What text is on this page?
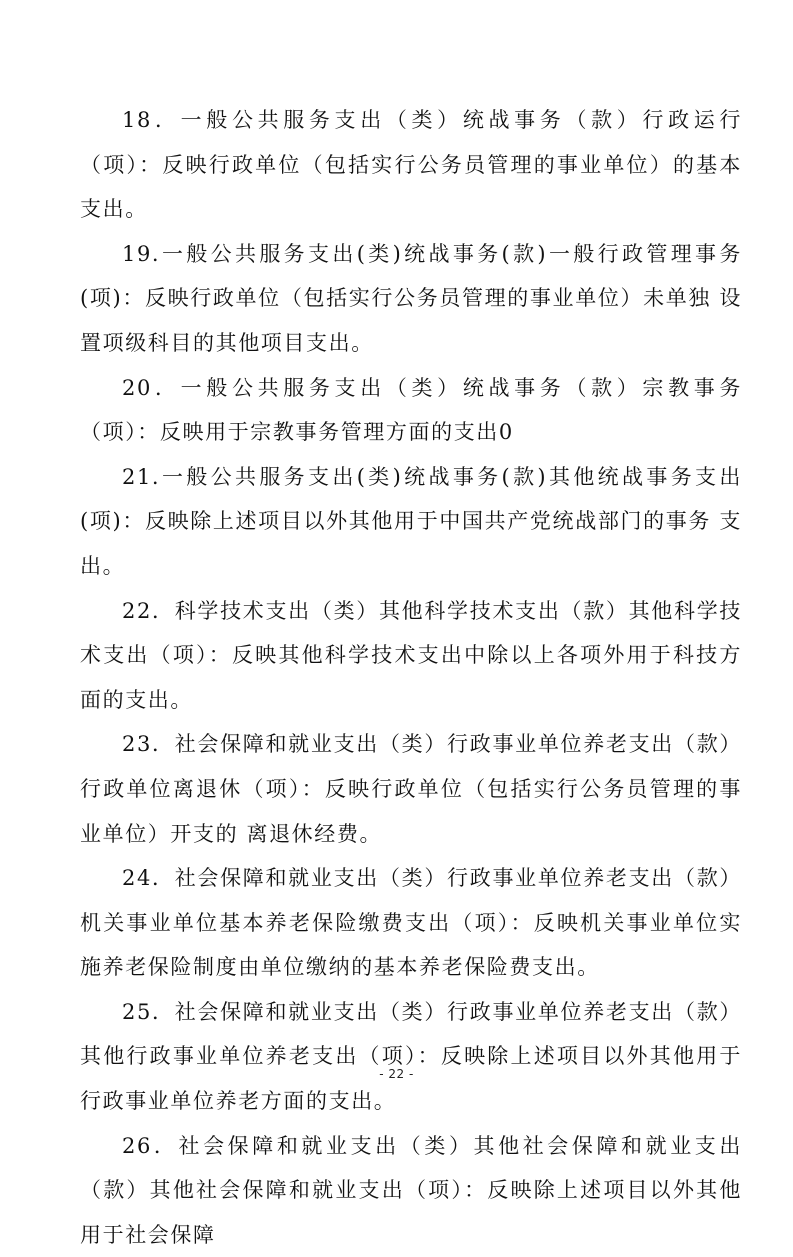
18．一般公共服务支出（类）统战事务（款）行政运行（项）：反映行政单位（包括实行公务员管理的事业单位）的基本 支出。

19.一般公共服务支出(类)统战事务(款)一般行政管理事务(项)：反映行政单位（包括实行公务员管理的事业单位）未单独 设置项级科目的其他项目支出。

20．一般公共服务支出（类）统战事务（款）宗教事务（项）：反映用于宗教事务管理方面的支出0

21.一般公共服务支出(类)统战事务(款)其他统战事务支出(项)：反映除上述项目以外其他用于中国共产党统战部门的事务 支出。

22．科学技术支出（类）其他科学技术支出（款）其他科学技术支出（项）：反映其他科学技术支出中除以上各项外用于科技方面的支出。

23．社会保障和就业支出（类）行政事业单位养老支出（款）行政单位离退休（项）：反映行政单位（包括实行公务员管理的事业单位）开支的 离退休经费。

24．社会保障和就业支出（类）行政事业单位养老支出（款）机关事业单位基本养老保险缴费支出（项）：反映机关事业单位实施养老保险制度由单位缴纳的基本养老保险费支出。

25．社会保障和就业支出（类）行政事业单位养老支出（款）其他行政事业单位养老支出（项）：反映除上述项目以外其他用于行政事业单位养老方面的支出。

26．社会保障和就业支出（类）其他社会保障和就业支出（款）其他社会保障和就业支出（项）：反映除上述项目以外其他用于社会保障

- 22 -
